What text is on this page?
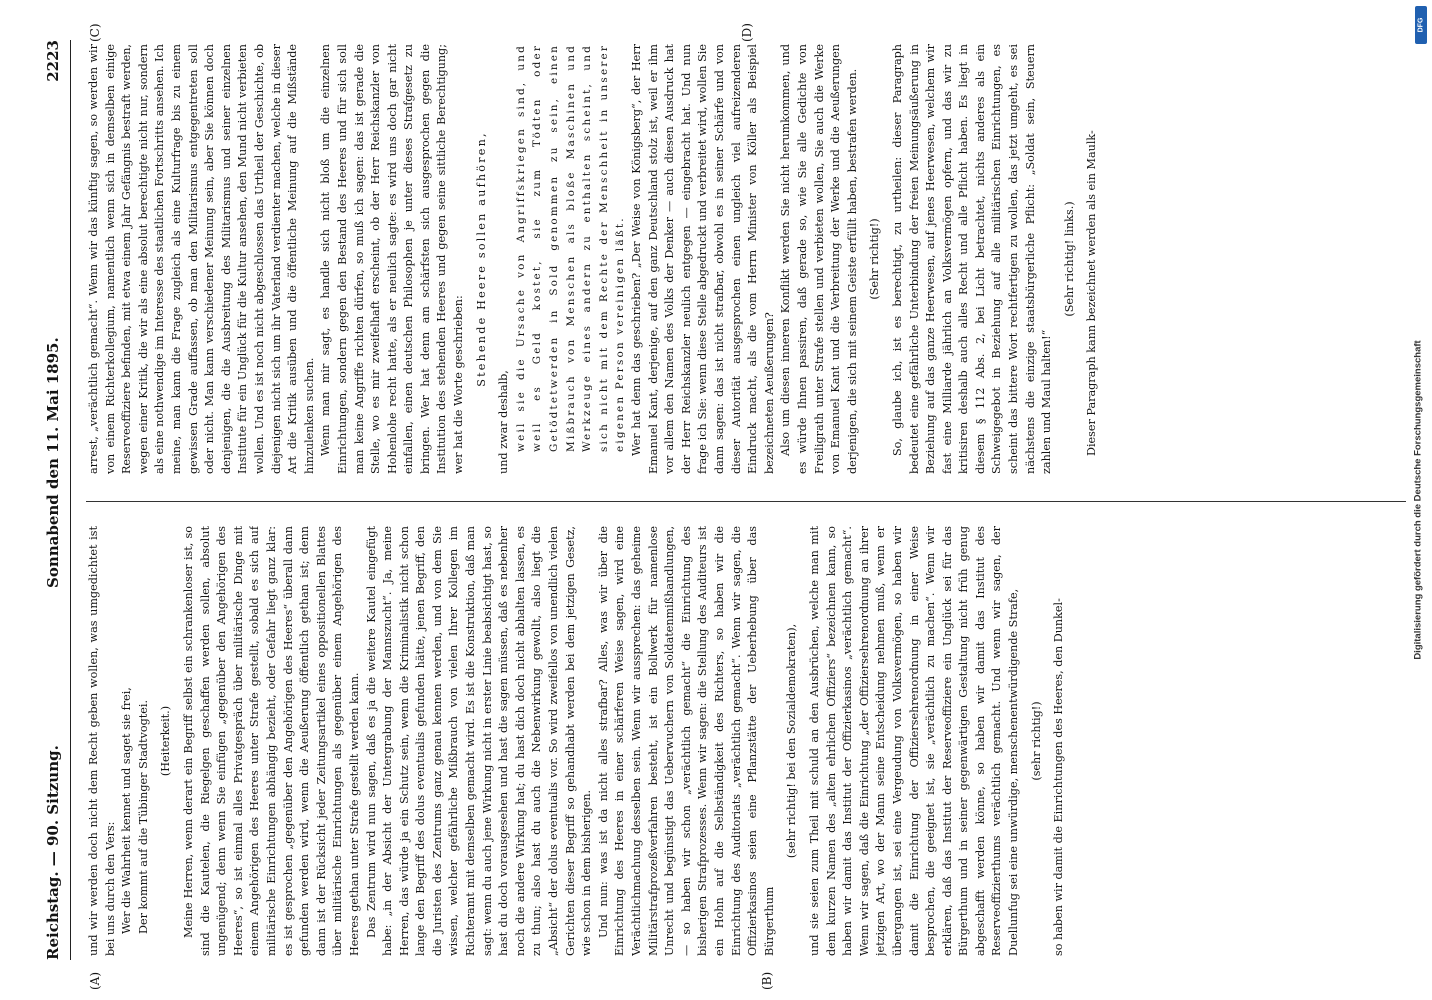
Reichstag. — 90. Sitzung.
Sonnabend den 11. Mai 1895.
2223
(A)	(B)
(C)	(D)

und wir werden doch nicht dem Recht geben wollen, was umgedichtet ist bei uns durch den Vers: Wer die Wahrheit kennet und saget sie frei, Der kommt auf die Tübinger Stadtvogtei. (Heiterkeit.) Meine Herren, wenn derart ein Begriff selbst ein schrankenloser ist, so sind die Kautelen, die Riegelgen geschaffen werden sollen, absolut ungenügend; denn wenn Sie einfügen „gegenüber den Angehörigen des Heeres“, so ist einmal alles Privatgespräch über militärische Dinge mit einem Angehörigen des Heeres unter Strafe gestellt, sobald es sich auf militärische Einrichtungen abhängig bezieht, oder Gefahr liegt ganz klar: es ist gesprochen „gegenüber den Angehörigen des Heeres“ überall dann gefunden werden wird, wenn die Aeußerung öffentlich gethan ist; denn dann ist der Rücksicht jeder Zeitungsartikel eines oppositionellen Blattes über militärische Einrichtungen als gegenüber einem Angehörigen des Heeres gethan unter Strafe gestellt werden kann. Das Zentrum wird nun sagen, daß es ja die weitere Kautel eingefügt habe: „in der Absicht der Untergrabung der Mannszucht“. Ja, meine Herren, das würde ja ein Schutz sein, wenn die Kriminalistik nicht schon lange den Begriff des dolus eventualis gefunden hätte, jenen Begriff, den die Juristen des Zentrums ganz genau kennen werden, und von dem Sie wissen, welcher gefährliche Mißbrauch von vielen Ihrer Kollegen im Richteramt mit demselben gemacht wird. Es ist die Konstruktion, daß man sagt: wenn du auch jene Wirkung nicht in erster Linie beabsichtigt hast, so hast du doch vorausgesehen und hast die sagen müssen, daß es nebenher noch die andere Wirkung hat; du hast dich doch nicht abhalten lassen, es zu thun; also hast du auch die Nebenwirkung gewollt, also liegt die „Absicht“ der dolus eventualis vor. So wird zweifellos von unendlich vielen Gerichten dieser Begriff so gehandhabt werden bei dem jetzigen Gesetz, wie schon in dem bisherigen. Und nun: was ist da nicht alles strafbar? Alles, was wir über die Einrichtung des Heeres in einer schärferen Weise sagen, wird eine Verächtlichmachung desselben sein. Wenn wir aussprechen: das geheime Militärstrafprozeßverfahren besteht, ist ein Bollwerk für namenlose Unrecht und begünstigt das Ueberwuchern von Soldatenmißhandlungen, — so haben wir schon „verächtlich gemacht“ die Einrichtung des bisherigen Strafprozesses. Wenn wir sagen: die Stellung des Auditeurs ist ein Hohn auf die Selbständigkeit des Richters, so haben wir die Einrichtung des Auditoriats „verächtlich gemacht“. Wenn wir sagen, die Offizierkasinos seien eine Pflanzstätte der Ueberhebung über das Bürgerthum

(sehr richtig! bei den Sozialdemokraten), und sie seien zum Theil mit schuld an den Ausbrüchen, welche man mit dem kurzen Namen des „alten ehrlichen Offiziers“ bezeichnen kann, so haben wir damit das Institut der Offizierkasinos „verächtlich gemacht“. Wenn wir sagen, daß die Einrichtung „der Offiziersehrenordnung an ihrer jetzigen Art, wo der Mann seine Entscheidung nehmen muß, wenn er übergangen ist, sei eine Vergeudung von Volksvermögen, so haben wir damit die Einrichtung der Offiziersehrenordnung in einer Weise besprochen, die geeignet ist, sie „verächtlich zu machen“. Wenn wir erklären, daß das Institut der Reserveoffiziere ein Unglück sei für das Bürgerthum und in seiner gegenwärtigen Gestaltung nicht früh genug abgeschafft werden könne, so haben wir damit das Institut des Reserveoffizierthums verächtlich gemacht. Und wenn wir sagen, der Duellunfug sei eine unwürdige, menschenentwürdigende Strafe, (sehr richtig!) so haben wir damit die Einrichtungen des Heeres, den Dunkel-

arrest, „verächtlich gemacht“. Wenn wir das künftig sagen, so werden wir von einem Richterkollegium, namentlich wenn sich in demselben einige Reserveoffiziere befinden, mit etwa einem Jahr Gefängnis bestraft werden, wegen einer Kritik, die wir als eine absolut berechtigte nicht nur, sondern als eine nothwendige im Interesse des staatlichen Fortschritts ansehen. Ich meine, man kann die Frage zugleich als eine Kulturfrage bis zu einem gewissen Grade auffassen, ob man den Militarismus entgegentreten soll oder nicht. Man kann verschiedener Meinung sein, aber Sie können doch denjenigen, die die Ausbreitung des Militarismus und seiner einzelnen Institute für ein Unglück für die Kultur ansehen, den Mund nicht verbieten wollen. Und es ist noch nicht abgeschlossen das Urtheil der Geschichte, ob diejenigen nicht sich um ihr Vaterland verdienter machen, welche in dieser Art die Kritik ausüben und die öffentliche Meinung auf die Mißstände hinzulenken suchen. Wenn man mir sagt, es handle sich nicht bloß um die einzelnen Einrichtungen, sondern gegen den Bestand des Heeres und für sich soll man keine Angriffe richten dürfen, so muß ich sagen: das ist gerade die Stelle, wo es mir zweifelhaft erscheint, ob der Herr Reichskanzler von Hohenlohe recht hatte, als er neulich sagte: es wird uns doch gar nicht einfallen, einen deutschen Philosophen je unter dieses Strafgesetz zu bringen. Wer hat denn am schärfsten sich ausgesprochen gegen die Institution des stehenden Heeres und gegen seine sittliche Berechtigung; wer hat die Worte geschrieben: Stehende Heere sollen aufhören,

und zwar deshalb, weil sie die Ursache von Angriffskriegen sind, und weil es Geld kostet, sie zum Tödten oder Getödtetwerden in Sold genommen zu sein, einen Mißbrauch von Menschen als bloße Maschinen und Werkzeuge eines andern zu enthalten scheint, und sich nicht mit dem Rechte der Menschheit in unserer eigenen Person vereinigen läßt. Wer hat denn das geschrieben? „Der Weise von Königsberg“, der Herr Emanuel Kant, derjenige, auf den ganz Deutschland stolz ist, weil er ihm vor allem den Namen des Volks der Denker — auch diesen Ausdruck hat der Herr Reichskanzler neulich entgegen — eingebracht hat. Und nun frage ich Sie: wenn diese Stelle abgedruckt und verbreitet wird, wollen Sie dann sagen: das ist nicht strafbar, obwohl es in seiner Schärfe und von dieser Autorität ausgesprochen einen ungleich viel aufreizenderen Eindruck macht, als die vom Herrn Minister von Köller als Beispiel bezeichneten Aeußerungen? Also um diesen inneren Konflikt werden Sie nicht herumkommen, und es würde Ihnen passiren, daß gerade so, wie Sie alle Gedichte von Freiligrath unter Strafe stellen und verbieten wollen, Sie auch die Werke von Emanuel Kant und die Verbreitung der Werke und die Aeußerungen derjenigen, die sich mit seinem Geiste erfüllt haben, bestrafen werden. (Sehr richtig!) So, glaube ich, ist es berechtigt, zu urtheilen: dieser Paragraph bedeutet eine gefährliche Unterbindung der freien Meinungsäußerung in Beziehung auf das ganze Heerwesen, auf jenes Heerwesen, welchem wir fast eine Milliarde jährlich an Volksvermögen opfern, und das wir zu kritisiren deshalb auch alles Recht und alle Pflicht haben. Es liegt in diesem § 112 Abs. 2, bei Licht betrachtet, nichts anderes als ein Schweigegebot in Beziehung auf alle militärischen Einrichtungen, es scheint das bittere Wort rechtfertigen zu wollen, das jetzt umgeht, es sei nächstens die einzige staatsbürgerliche Pflicht: „Soldat sein, Steuern zahlen und Maul halten!“

(Sehr richtig! links.) Dieser Paragraph kann bezeichnet werden als ein Maulk-

Digitalisierung gefördert durch die Deutsche Forschungsgemeinschaft
DFG
